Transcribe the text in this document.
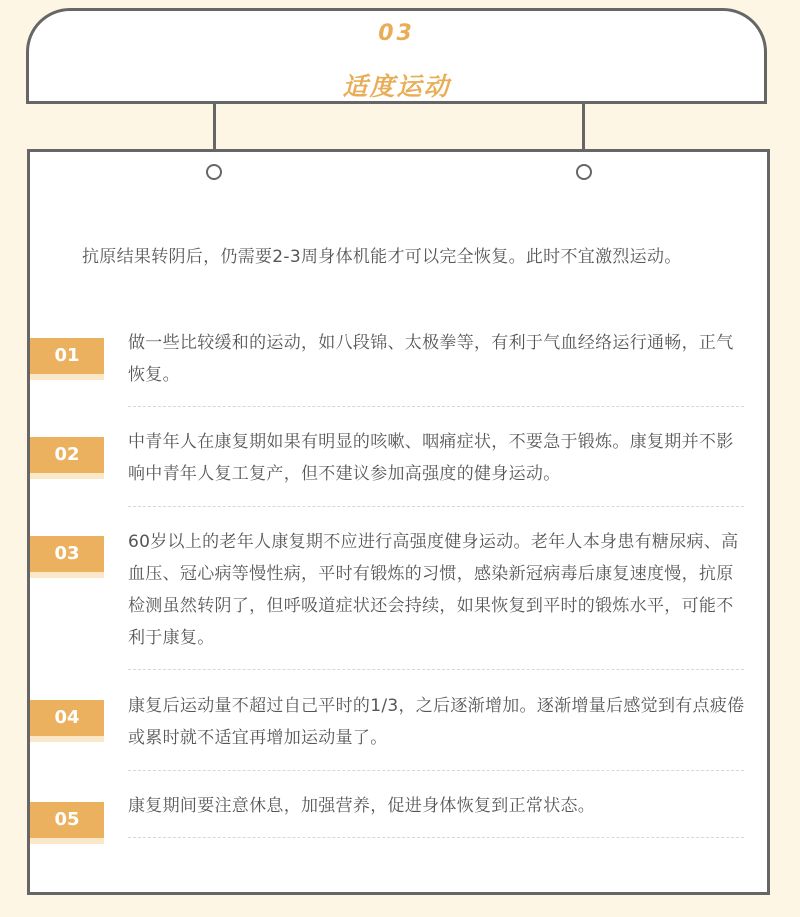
03
适度运动
抗原结果转阴后，仍需要2-3周身体机能才可以完全恢复。此时不宜激烈运动。
01
做一些比较缓和的运动，如八段锦、太极拳等，有利于气血经络运行通畅，正气恢复。
02
中青年人在康复期如果有明显的咳嗽、咽痛症状，不要急于锻炼。康复期并不影响中青年人复工复产，但不建议参加高强度的健身运动。
03
60岁以上的老年人康复期不应进行高强度健身运动。老年人本身患有糖尿病、高血压、冠心病等慢性病，平时有锻炼的习惯，感染新冠病毒后康复速度慢，抗原检测虽然转阴了，但呼吸道症状还会持续，如果恢复到平时的锻炼水平，可能不利于康复。
04
康复后运动量不超过自己平时的1/3，之后逐渐增加。逐渐增量后感觉到有点疲倦或累时就不适宜再增加运动量了。
05
康复期间要注意休息，加强营养，促进身体恢复到正常状态。
